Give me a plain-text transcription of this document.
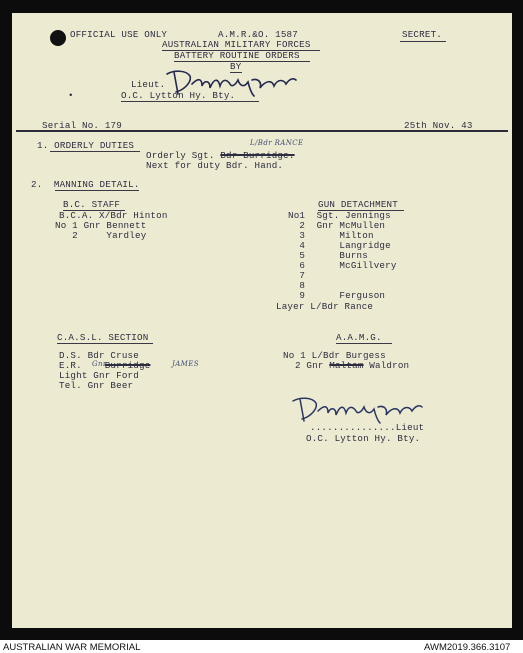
OFFICIAL USE ONLY	A.M.R.&O. 1587	SECRET.
AUSTRALIAN MILITARY FORCES
BATTERY ROUTINE ORDERS
BY
Lieut.
O.C. Lytton Hy. Bty.
•
Serial No. 179	25th Nov. 43
1. ORDERLY DUTIES	L/Bdr RANCE
Orderly Sgt. Bdr Burridge.
Next for duty Bdr. Hand.
2.  MANNING DETAIL.
B.C. STAFF
B.C.A. X/Bdr Hinton
No 1 Gnr Bennett
2     Yardley
GUN DETACHMENT
No1  Sgt. Jennings
2  Gnr McMullen
3      Milton
4      Langridge
5      Burns
6      McGillvery
7
8
9      Ferguson
Layer L/Bdr Rance
C.A.S.L. SECTION
D.S. Bdr Cruse
E.R.    Burridge
Gnr	JAMES
Light Gnr Ford
Tel. Gnr Beer
A.A.M.G.
No 1 L/Bdr Burgess
2 Gnr Maltam Waldron
...............Lieut
O.C. Lytton Hy. Bty.
AUSTRALIAN WAR MEMORIAL	AWM2019.366.3107
